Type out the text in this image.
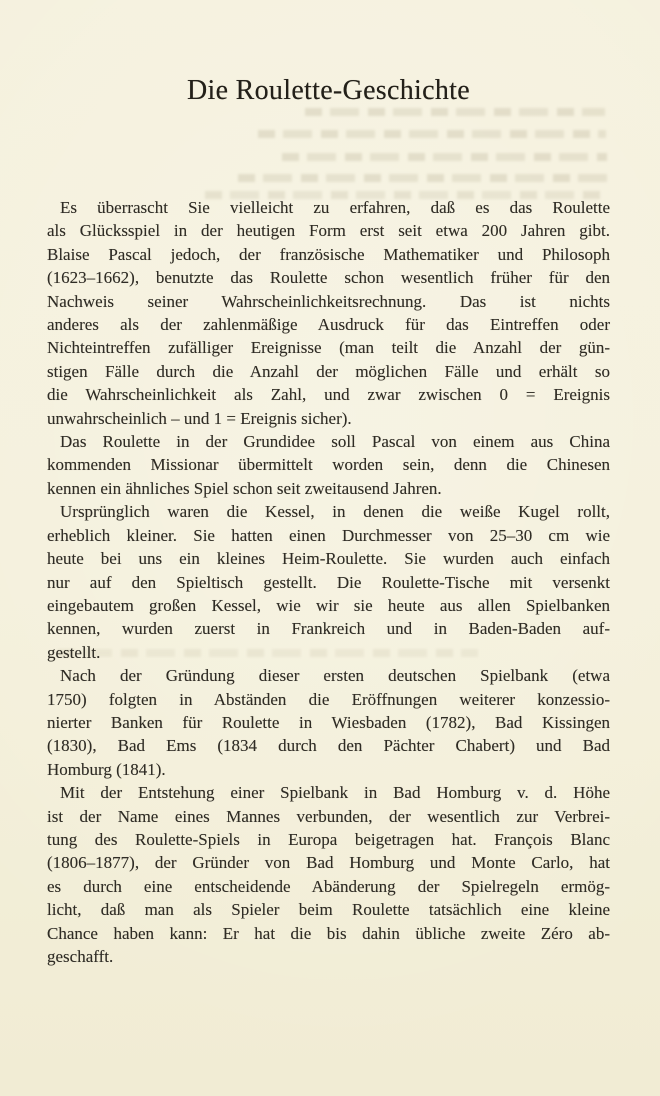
Die Roulette-Geschichte

Es überrascht Sie vielleicht zu erfahren, daß es das Roulette
als Glücksspiel in der heutigen Form erst seit etwa 200 Jahren gibt.
Blaise Pascal jedoch, der französische Mathematiker und Philosoph
(1623–1662), benutzte das Roulette schon wesentlich früher für den
Nachweis seiner Wahrscheinlichkeitsrechnung. Das ist nichts
anderes als der zahlenmäßige Ausdruck für das Eintreffen oder
Nichteintreffen zufälliger Ereignisse (man teilt die Anzahl der gün-
stigen Fälle durch die Anzahl der möglichen Fälle und erhält so
die Wahrscheinlichkeit als Zahl, und zwar zwischen 0 = Ereignis
unwahrscheinlich – und 1 = Ereignis sicher).

Das Roulette in der Grundidee soll Pascal von einem aus China
kommenden Missionar übermittelt worden sein, denn die Chinesen
kennen ein ähnliches Spiel schon seit zweitausend Jahren.

Ursprünglich waren die Kessel, in denen die weiße Kugel rollt,
erheblich kleiner. Sie hatten einen Durchmesser von 25–30 cm wie
heute bei uns ein kleines Heim-Roulette. Sie wurden auch einfach
nur auf den Spieltisch gestellt. Die Roulette-Tische mit versenkt
eingebautem großen Kessel, wie wir sie heute aus allen Spielbanken
kennen, wurden zuerst in Frankreich und in Baden-Baden auf-
gestellt.

Nach der Gründung dieser ersten deutschen Spielbank (etwa
1750) folgten in Abständen die Eröffnungen weiterer konzessio-
nierter Banken für Roulette in Wiesbaden (1782), Bad Kissingen
(1830), Bad Ems (1834 durch den Pächter Chabert) und Bad
Homburg (1841).

Mit der Entstehung einer Spielbank in Bad Homburg v. d. Höhe
ist der Name eines Mannes verbunden, der wesentlich zur Verbrei-
tung des Roulette-Spiels in Europa beigetragen hat. François Blanc
(1806–1877), der Gründer von Bad Homburg und Monte Carlo, hat
es durch eine entscheidende Abänderung der Spielregeln ermög-
licht, daß man als Spieler beim Roulette tatsächlich eine kleine
Chance haben kann: Er hat die bis dahin übliche zweite Zéro ab-
geschafft.
